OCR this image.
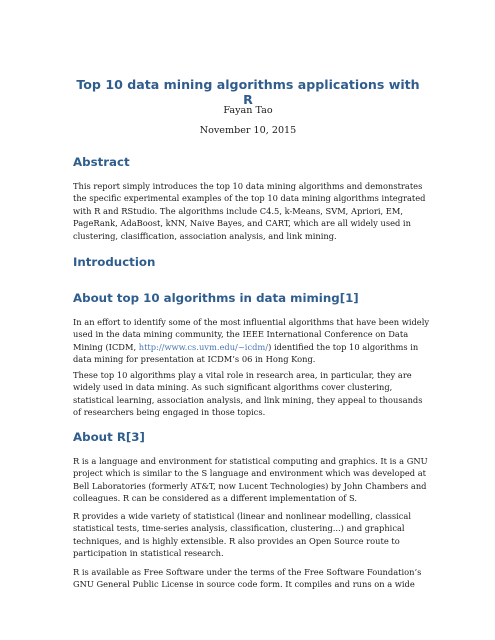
Top 10 data mining algorithms applications with R
Fayan Tao
November 10, 2015
Abstract
This report simply introduces the top 10 data mining algorithms and demonstrates
the specific experimental examples of the top 10 data mining algorithms integrated
with R and RStudio. The algorithms include C4.5, k-Means, SVM, Apriori, EM,
PageRank, AdaBoost, kNN, Naive Bayes, and CART, which are all widely used in
clustering, clasiffication, association analysis, and link mining.
Introduction
About top 10 algorithms in data miming[1]
In an effort to identify some of the most influential algorithms that have been widely
used in the data mining community, the IEEE International Conference on Data
Mining (ICDM, http://www.cs.uvm.edu/~icdm/) identified the top 10 algorithms in
data mining for presentation at ICDM’s 06 in Hong Kong.
These top 10 algorithms play a vital role in research area, in particular, they are
widely used in data mining. As such significant algorithms cover clustering,
statistical learning, association analysis, and link mining, they appeal to thousands
of researchers being engaged in those topics.
About R[3]
R is a language and environment for statistical computing and graphics. It is a GNU
project which is similar to the S language and environment which was developed at
Bell Laboratories (formerly AT&T, now Lucent Technologies) by John Chambers and
colleagues. R can be considered as a different implementation of S.
R provides a wide variety of statistical (linear and nonlinear modelling, classical
statistical tests, time-series analysis, classification, clustering...) and graphical
techniques, and is highly extensible. R also provides an Open Source route to
participation in statistical research.
R is available as Free Software under the terms of the Free Software Foundation’s
GNU General Public License in source code form. It compiles and runs on a wide
